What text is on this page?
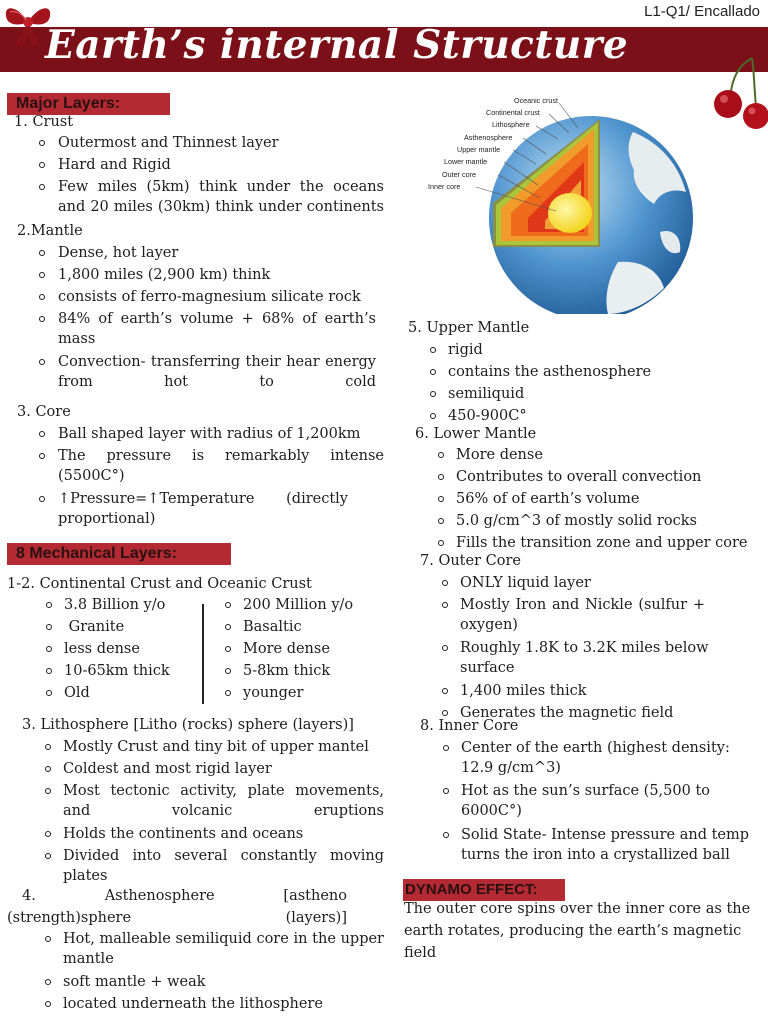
L1-Q1/ Encallado
Earth’s internal Structure
Major Layers:
1. Crust
Outermost and Thinnest layer
Hard and Rigid
Few miles (5km) think under the oceans and 20 miles (30km) think under continents
2.Mantle
Dense, hot layer
1,800 miles (2,900 km) think
consists of ferro-magnesium silicate rock
84% of earth’s volume + 68% of earth’s mass
Convection- transferring their hear energy from hot to cold
3. Core
Ball shaped layer with radius of 1,200km
The pressure is remarkably intense (5500C°)
↑Pressure=↑Temperature (directly proportional)
8 Mechanical Layers:
1-2. Continental Crust and Oceanic Crust
3.8 Billion y/o
Granite
less dense
10-65km thick
Old
200 Million y/o
Basaltic
More dense
5-8km thick
younger
3. Lithosphere [Litho (rocks) sphere (layers)]
Mostly Crust and tiny bit of upper mantel
Coldest and most rigid layer
Most tectonic activity, plate movements, and volcanic eruptions
Holds the continents and oceans
Divided into several constantly moving plates
4. Asthenosphere [astheno (strength)sphere (layers)]
Hot, malleable semiliquid core in the upper mantle
soft mantle + weak
located underneath the lithosphere
Oceanic crust
Continental crust
Lithosphere
Asthenosphere
Upper mantle
Lower mantle
Outer core
Inner core
5. Upper Mantle
rigid
contains the asthenosphere
semiliquid
450-900C°
6. Lower Mantle
More dense
Contributes to overall convection
56% of of earth’s volume
5.0 g/cm^3 of mostly solid rocks
Fills the transition zone and upper core
7. Outer Core
ONLY liquid layer
Mostly Iron and Nickle (sulfur + oxygen)
Roughly 1.8K to 3.2K miles below surface
1,400 miles thick
Generates the magnetic field
8. Inner Core
Center of the earth (highest density: 12.9 g/cm^3)
Hot as the sun’s surface (5,500 to 6000C°)
Solid State- Intense pressure and temp turns the iron into a crystallized ball
DYNAMO EFFECT:
The outer core spins over the inner core as the earth rotates, producing the earth’s magnetic field
